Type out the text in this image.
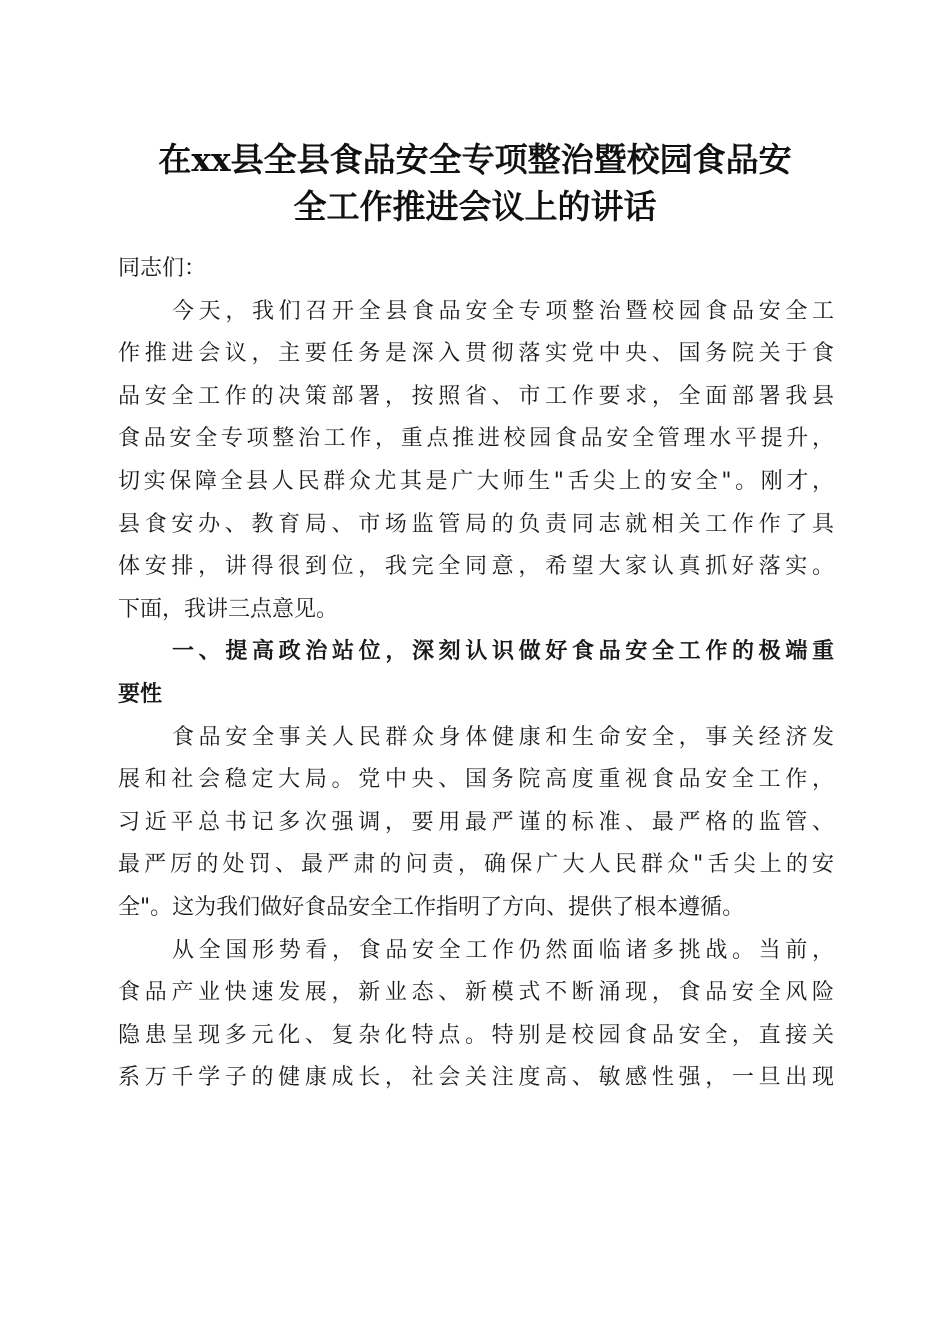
在xx县全县食品安全专项整治暨校园食品安
全工作推进会议上的讲话
同志们：
今天，我们召开全县食品安全专项整治暨校园食品安全工
作推进会议，主要任务是深入贯彻落实党中央、国务院关于食
品安全工作的决策部署，按照省、市工作要求，全面部署我县
食品安全专项整治工作，重点推进校园食品安全管理水平提升，
切实保障全县人民群众尤其是广大师生"舌尖上的安全"。刚才，
县食安办、教育局、市场监管局的负责同志就相关工作作了具
体安排，讲得很到位，我完全同意，希望大家认真抓好落实。
下面，我讲三点意见。
一、提高政治站位，深刻认识做好食品安全工作的极端重
要性
食品安全事关人民群众身体健康和生命安全，事关经济发
展和社会稳定大局。党中央、国务院高度重视食品安全工作，
习近平总书记多次强调，要用最严谨的标准、最严格的监管、
最严厉的处罚、最严肃的问责，确保广大人民群众"舌尖上的安
全"。这为我们做好食品安全工作指明了方向、提供了根本遵循。
从全国形势看，食品安全工作仍然面临诸多挑战。当前，
食品产业快速发展，新业态、新模式不断涌现，食品安全风险
隐患呈现多元化、复杂化特点。特别是校园食品安全，直接关
系万千学子的健康成长，社会关注度高、敏感性强，一旦出现
